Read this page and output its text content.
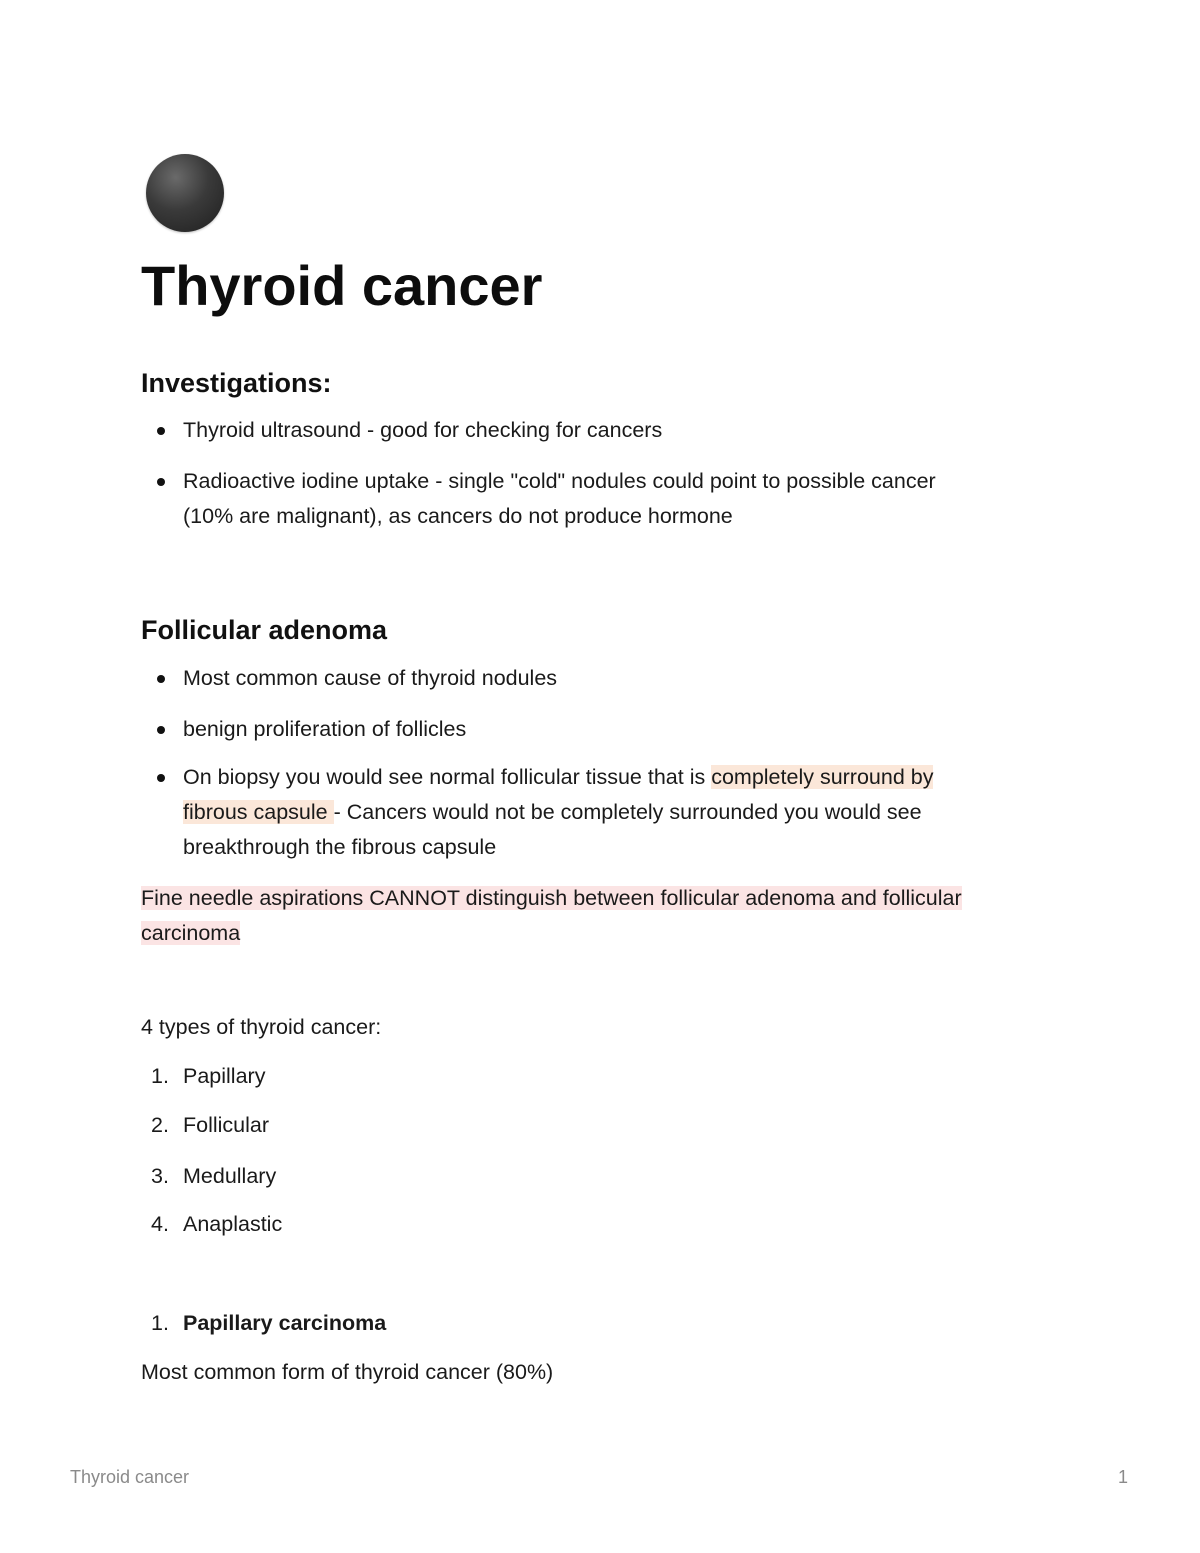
Thyroid cancer
Investigations:
Thyroid ultrasound - good for checking for cancers
Radioactive iodine uptake - single "cold" nodules could point to possible cancer
(10% are malignant), as cancers do not produce hormone
Follicular adenoma
Most common cause of thyroid nodules
benign proliferation of follicles
On biopsy you would see normal follicular tissue that is completely surround by
fibrous capsule - Cancers would not be completely surrounded you would see
breakthrough the fibrous capsule

Fine needle aspirations CANNOT distinguish between follicular adenoma and follicular

carcinoma

4 types of thyroid cancer:

1. Papillary
2. Follicular
3. Medullary
4. Anaplastic
1. Papillary carcinoma

Most common form of thyroid cancer (80%)

Thyroid cancer	1
